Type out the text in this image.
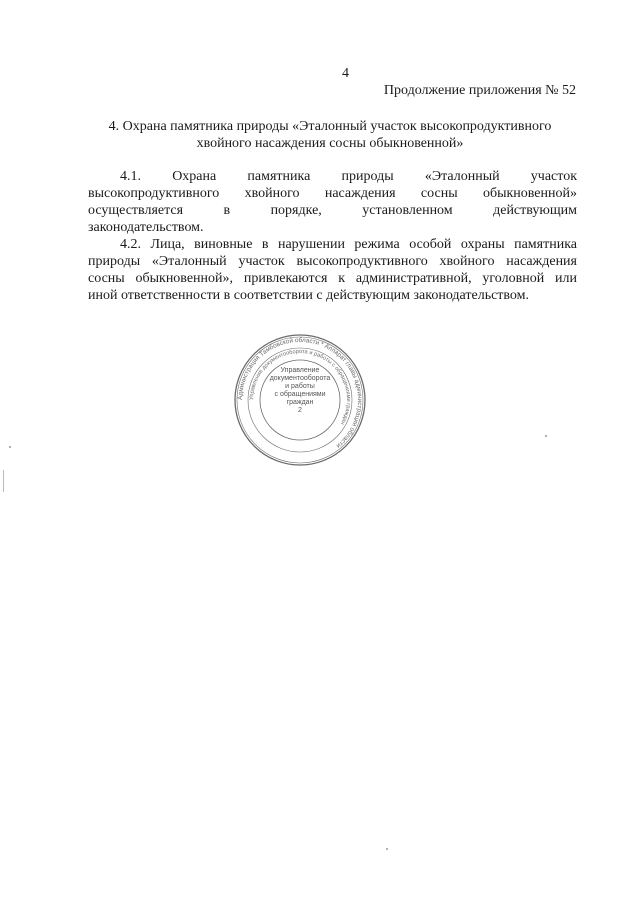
4
Продолжение приложения № 52
4. Охрана памятника природы «Эталонный участок высокопродуктивного
хвойного насаждения сосны обыкновенной»

4.1. Охрана памятника природы «Эталонный участок
высокопродуктивного хвойного насаждения сосны обыкновенной»
осуществляется в порядке, установленном действующим
законодательством.

4.2. Лица, виновные в нарушении режима особой охраны памятника
природы «Эталонный участок высокопродуктивного хвойного насаждения
сосны обыкновенной», привлекаются к административной, уголовной или
иной ответственности в соответствии с действующим законодательством.

Администрация Тамбовской области * Аппарат главы администрации области
Управление документооборота и работы с обращениями граждан
Управление
документооборота
и работы
с обращениями
граждан
2
